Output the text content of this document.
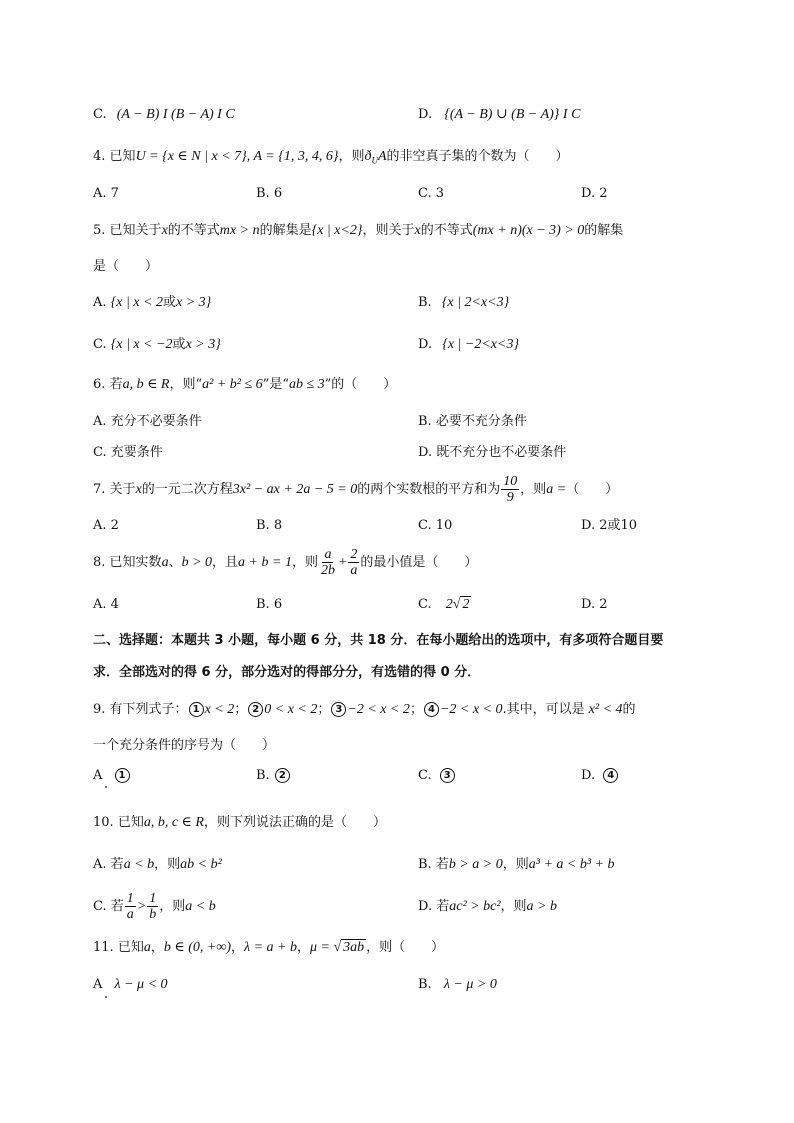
C. (A − B) I (B − A) I C	D. {(A − B) ∪ (B − A)} I C
4. 已知U = {x ∈ N | x < 7}, A = {1, 3, 4, 6}，则$ð_UA$的非空真子集的个数为（　　）
A. 7	B. 6	C. 3	D. 2
5. 已知关于x的不等式mx > n的解集是{x | x<2}，则关于x的不等式(mx + n)(x − 3) > 0的解集
是（　　）
A. {x | x < 2或x > 3}	B. {x | 2<x<3}
C. {x | x < −2或x > 3}	D. {x | −2<x<3}
6. 若a, b ∈ R，则“a² + b² ≤ 6”是“ab ≤ 3”的（　　）
A. 充分不必要条件	B. 必要不充分条件
C. 充要条件	D. 既不充分也不必要条件
7. 关于x的一元二次方程3x² − ax + 2a − 5 = 0的两个实数根的平方和为 $\frac{10}{9}$ ，则a =（　　）
A. 2	B. 8	C. 10	D. 2或10
8. 已知实数a、b > 0，且a + b = 1，则 $\frac{a}{2b} + \frac{2}{a}$ 的最小值是（　　）
A. 4	B. 6	C. 2√ 2	D. 2
二、选择题：本题共 3 小题，每小题 6 分，共 18 分．在每小题给出的选项中，有多项符合题目要
求．全部选对的得 6 分，部分选对的得部分分，有选错的得 0 分．
9. 有下列式子： 1 x < 2； 2 0 < x < 2； 3 −2 < x < 2； 4 −2 < x < 0.其中，可以是 x² < 4的
一个充分条件的序号为（　　）
A 1	B. 2	C. 3	D. 4
10. 已知a, b, c ∈ R，则下列说法正确的是（　　）
A. 若a < b，则ab < b²	B. 若b > a > 0，则a³ + a < b³ + b
C. 若 $\frac{1}{a} > \frac{1}{b}$ ，则a < b	D. 若ac² > bc²，则a > b
11. 已知a，b ∈ (0, +∞)，λ = a + b，μ = √ 3ab ，则（　　）
A λ − μ < 0	B. λ − μ > 0
